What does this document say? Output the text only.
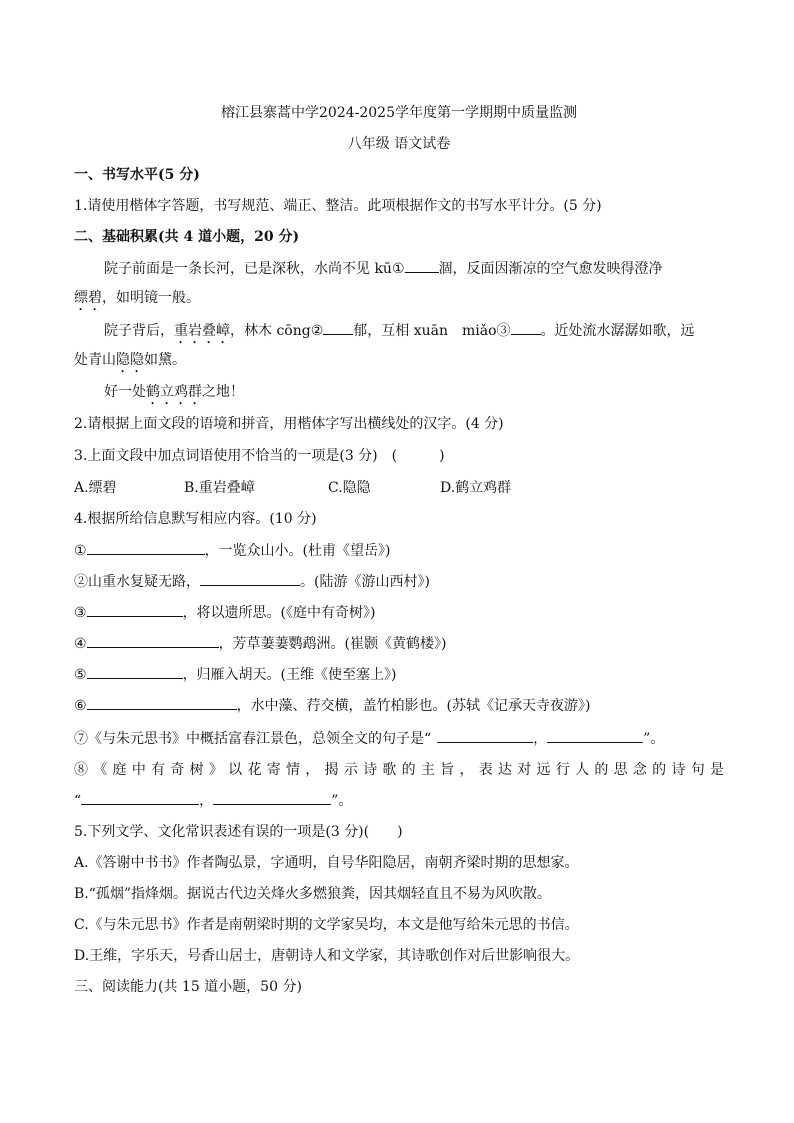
榕江县寨蒿中学2024-2025学年度第一学期期中质量监测
八年级 语文试卷
一、书写水平(5 分)
1.请使用楷体字答题，书写规范、端正、整洁。此项根据作文的书写水平计分。(5 分)
二、基础积累(共 4 道小题，20 分)
院子前面是一条长河，已是深秋，水尚不见 kū① 涸，反面因渐凉的空气愈发映得澄净
缥碧，如明镜一般。
院子背后，重岩叠嶂，林木 cōng② 郁，互相 xuān　miǎo③ 。近处流水潺潺如歌，远
处青山隐隐如黛。
好一处鹤立鸡群之地！
2.请根据上面文段的语境和拼音，用楷体字写出横线处的汉字。(4 分)
3.上面文段中加点词语使用不恰当的一项是(3 分)　(　　　)
A.缥碧	B.重岩叠嶂	C.隐隐	D.鹤立鸡群
4.根据所给信息默写相应内容。(10 分)
①	，一览众山小。(杜甫《望岳》)
②山重水复疑无路，	。(陆游《游山西村》)
③	，将以遗所思。(《庭中有奇树》)
④	，芳草萋萋鹦鹉洲。(崔颢《黄鹤楼》)
⑤	，归雁入胡天。(王维《使至塞上》)
⑥	，水中藻、荇交横，盖竹柏影也。(苏轼《记承天寺夜游》)
⑦《与朱元思书》中概括富春江景色，总领全文的句子是“	，	”。
⑧《庭中有奇树》以花寄情，揭示诗歌的主旨，表达对远行人的思念的诗句是
“	，	”。
5.下列文学、文化常识表述有误的一项是(3 分)(　　)
A.《答谢中书书》作者陶弘景，字通明，自号华阳隐居，南朝齐梁时期的思想家。
B.“孤烟”指烽烟。据说古代边关烽火多燃狼粪，因其烟轻直且不易为风吹散。
C.《与朱元思书》作者是南朝梁时期的文学家吴均，本文是他写给朱元思的书信。
D.王维，字乐天，号香山居士，唐朝诗人和文学家，其诗歌创作对后世影响很大。
三、阅读能力(共 15 道小题，50 分)
